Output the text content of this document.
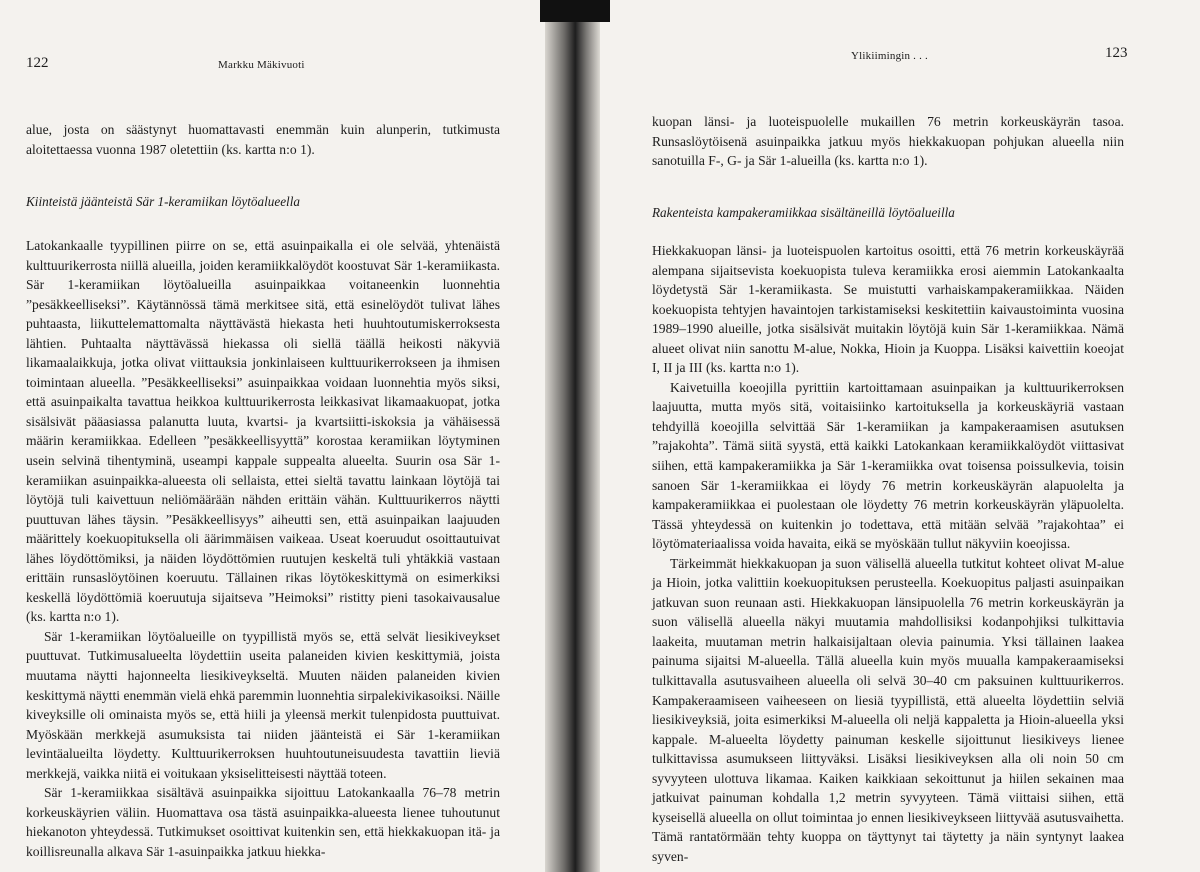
122	Markku Mäkivuoti

alue, josta on säästynyt huomattavasti enemmän kuin alunperin, tutkimusta aloitettaessa vuonna 1987 oletettiin (ks. kartta n:o 1).

Kiinteistä jäänteistä Sär 1-keramiikan löytöalueella

Latokankaalle tyypillinen piirre on se, että asuinpaikalla ei ole selvää, yhtenäistä kulttuurikerrosta niillä alueilla, joiden keramiikkalöydöt koostuvat Sär 1-keramiikasta. Sär 1-keramiikan löytöalueilla asuinpaikkaa voitaneenkin luonnehtia ”pesäkkeelliseksi”. Käytännössä tämä merkitsee sitä, että esinelöydöt tulivat lähes puhtaasta, liikuttelemattomalta näyttävästä hiekasta heti huuhtoutumiskerroksesta lähtien. Puhtaalta näyttävässä hiekassa oli siellä täällä heikosti näkyviä likamaalaikkuja, jotka olivat viittauksia jonkinlaiseen kulttuurikerrokseen ja ihmisen toimintaan alueella. ”Pesäkkeelliseksi” asuinpaikkaa voidaan luonnehtia myös siksi, että asuinpaikalta tavattua heikkoa kulttuurikerrosta leikkasivat likamaakuopat, jotka sisälsivät pääasiassa palanutta luuta, kvartsi- ja kvartsiitti-iskoksia ja vähäisessä määrin keramiikkaa. Edelleen ”pesäkkeellisyyttä” korostaa keramiikan löytyminen usein selvinä tihentyminä, useampi kappale suppealta alueelta. Suurin osa Sär 1-keramiikan asuinpaikka-alueesta oli sellaista, ettei sieltä tavattu lainkaan löytöjä tai löytöjä tuli kaivettuun neliömäärään nähden erittäin vähän. Kulttuurikerros näytti puuttuvan lähes täysin. ”Pesäkkeellisyys” aiheutti sen, että asuinpaikan laajuuden määrittely koekuopituksella oli äärimmäisen vaikeaa. Useat koeruudut osoittautuivat lähes löydöttömiksi, ja näiden löydöttömien ruutujen keskeltä tuli yhtäkkiä vastaan erittäin runsaslöytöinen koeruutu. Tällainen rikas löytökeskittymä on esimerkiksi keskellä löydöttömiä koeruutuja sijaitseva ”Heimoksi” ristitty pieni tasokaivausalue (ks. kartta n:o 1).

Sär 1-keramiikan löytöalueille on tyypillistä myös se, että selvät liesikiveykset puuttuvat. Tutkimusalueelta löydettiin useita palaneiden kivien keskittymiä, joista muutama näytti hajonneelta liesikiveykseltä. Muuten näiden palaneiden kivien keskittymä näytti enemmän vielä ehkä paremmin luonnehtia sirpalekivikasoiksi. Näille kiveyksille oli ominaista myös se, että hiili ja yleensä merkit tulenpidosta puuttuivat. Myöskään merkkejä asumuksista tai niiden jäänteistä ei Sär 1-keramiikan levintäalueilta löydetty. Kulttuurikerroksen huuhtoutuneisuudesta tavattiin lieviä merkkejä, vaikka niitä ei voitukaan yksiselitteisesti näyttää toteen.

Sär 1-keramiikkaa sisältävä asuinpaikka sijoittuu Latokankaalla 76–78 metrin korkeuskäyrien väliin. Huomattava osa tästä asuinpaikka-alueesta lienee tuhoutunut hiekanoton yhteydessä. Tutkimukset osoittivat kuitenkin sen, että hiekkakuopan itä- ja koillisreunalla alkava Sär 1-asuinpaikka jatkuu hiekka-

Ylikiimingin . . .	123

kuopan länsi- ja luoteispuolelle mukaillen 76 metrin korkeuskäyrän tasoa. Runsaslöytöisenä asuinpaikka jatkuu myös hiekkakuopan pohjukan alueella niin sanotuilla F-, G- ja Sär 1-alueilla (ks. kartta n:o 1).

Rakenteista kampakeramiikkaa sisältäneillä löytöalueilla

Hiekkakuopan länsi- ja luoteispuolen kartoitus osoitti, että 76 metrin korkeuskäyrää alempana sijaitsevista koekuopista tuleva keramiikka erosi aiemmin Latokankaalta löydetystä Sär 1-keramiikasta. Se muistutti varhaiskampakeramiikkaa. Näiden koekuopista tehtyjen havaintojen tarkistamiseksi keskitettiin kaivaustoiminta vuosina 1989–1990 alueille, jotka sisälsivät muitakin löytöjä kuin Sär 1-keramiikkaa. Nämä alueet olivat niin sanottu M-alue, Nokka, Hioin ja Kuoppa. Lisäksi kaivettiin koeojat I, II ja III (ks. kartta n:o 1).

Kaivetuilla koeojilla pyrittiin kartoittamaan asuinpaikan ja kulttuurikerroksen laajuutta, mutta myös sitä, voitaisiinko kartoituksella ja korkeuskäyriä vastaan tehdyillä koeojilla selvittää Sär 1-keramiikan ja kampakeraamisen asutuksen ”rajakohta”. Tämä siitä syystä, että kaikki Latokankaan keramiikkalöydöt viittasivat siihen, että kampakeramiikka ja Sär 1-keramiikka ovat toisensa poissulkevia, toisin sanoen Sär 1-keramiikkaa ei löydy 76 metrin korkeuskäyrän alapuolelta ja kampakeramiikkaa ei puolestaan ole löydetty 76 metrin korkeuskäyrän yläpuolelta. Tässä yhteydessä on kuitenkin jo todettava, että mitään selvää ”rajakohtaa” ei löytömateriaalissa voida havaita, eikä se myöskään tullut näkyviin koeojissa.

Tärkeimmät hiekkakuopan ja suon välisellä alueella tutkitut kohteet olivat M-alue ja Hioin, jotka valittiin koekuopituksen perusteella. Koekuopitus paljasti asuinpaikan jatkuvan suon reunaan asti. Hiekkakuopan länsipuolella 76 metrin korkeuskäyrän ja suon välisellä alueella näkyi muutamia mahdollisiksi kodanpohjiksi tulkittavia laakeita, muutaman metrin halkaisijaltaan olevia painumia. Yksi tällainen laakea painuma sijaitsi M-alueella. Tällä alueella kuin myös muualla kampakeraamiseksi tulkittavalla asutusvaiheen alueella oli selvä 30–40 cm paksuinen kulttuurikerros. Kampakeraamiseen vaiheeseen on liesiä tyypillistä, että alueelta löydettiin selviä liesikiveyksiä, joita esimerkiksi M-alueella oli neljä kappaletta ja Hioin-alueella yksi kappale. M-alueelta löydetty painuman keskelle sijoittunut liesikiveys lienee tulkittavissa asumukseen liittyväksi. Lisäksi liesikiveyksen alla oli noin 50 cm syvyyteen ulottuva likamaa. Kaiken kaikkiaan sekoittunut ja hiilen sekainen maa jatkuivat painuman kohdalla 1,2 metrin syvyyteen. Tämä viittaisi siihen, että kyseisellä alueella on ollut toimintaa jo ennen liesikiveykseen liittyvää asutusvaihetta. Tämä rantatörmään tehty kuoppa on täyttynyt tai täytetty ja näin syntynyt laakea syven-
